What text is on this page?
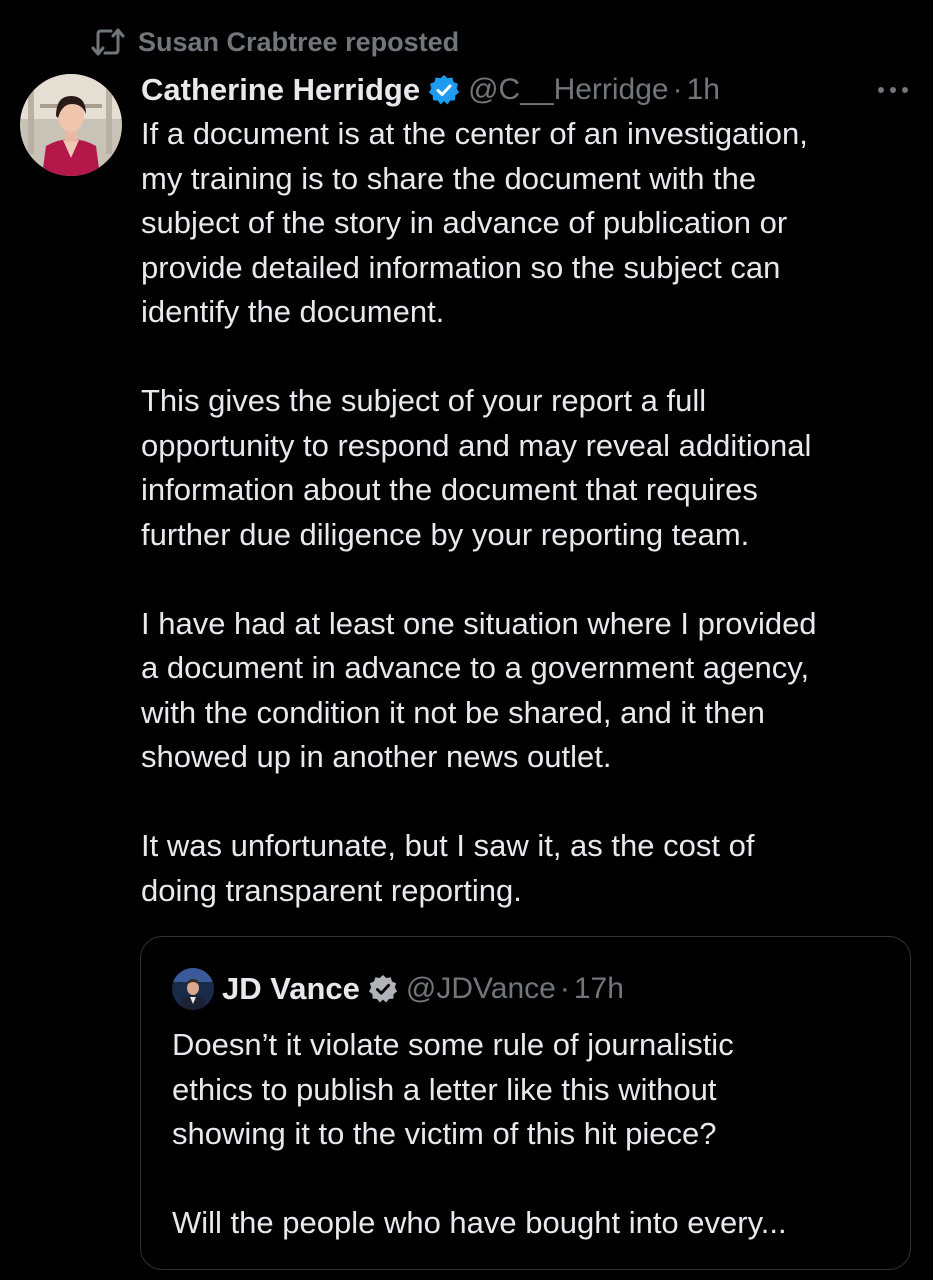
Susan Crabtree reposted
Catherine Herridge @C__Herridge · 1h

If a document is at the center of an investigation,
my training is to share the document with the
subject of the story in advance of publication or
provide detailed information so the subject can
identify the document.

This gives the subject of your report a full
opportunity to respond and may reveal additional
information about the document that requires
further due diligence by your reporting team.

I have had at least one situation where I provided
a document in advance to a government agency,
with the condition it not be shared, and it then
showed up in another news outlet.

It was unfortunate, but I saw it, as the cost of
doing transparent reporting.

JD Vance @JDVance · 17h

Doesn’t it violate some rule of journalistic
ethics to publish a letter like this without
showing it to the victim of this hit piece?

Will the people who have bought into every...
